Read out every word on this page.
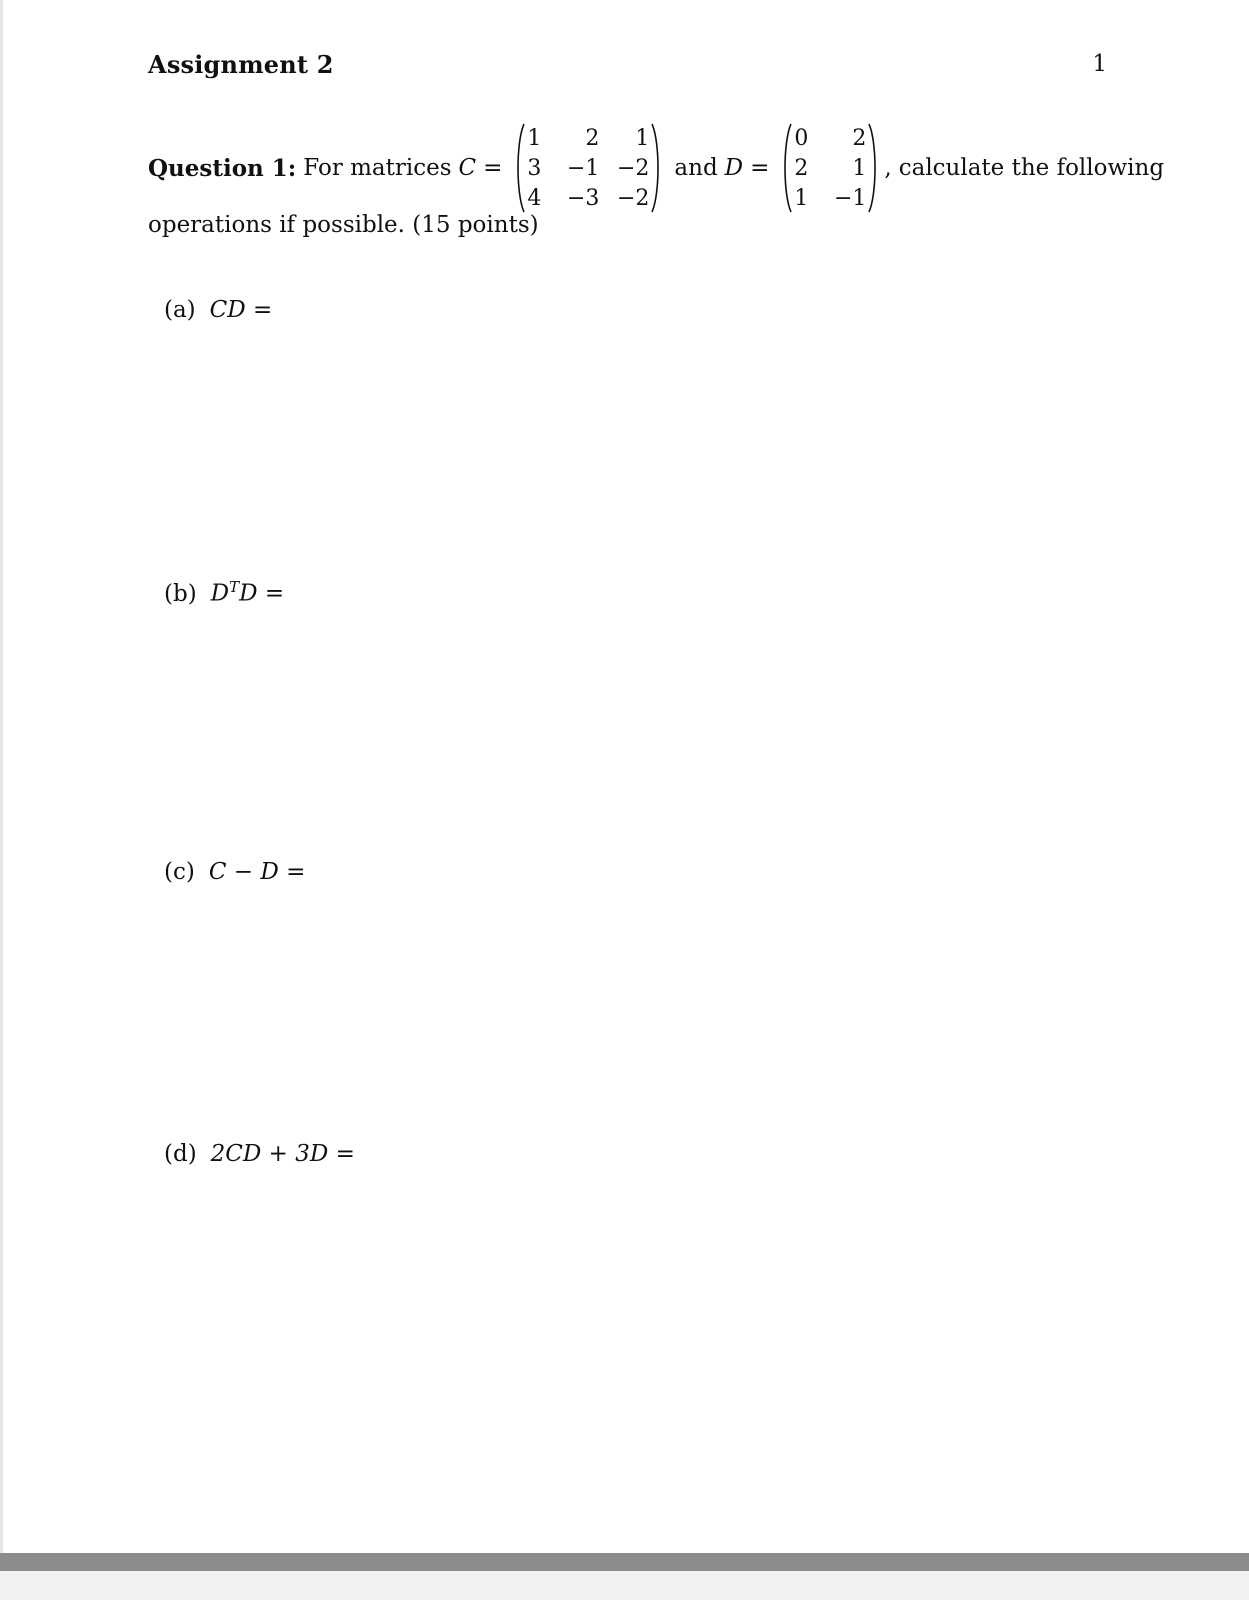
Assignment 2	1
Question 1: For matrices C =
1	2	1
3	−1 −2
4	−3 −2
and D =
0	2
2	1
1	−1
, calculate the following
operations if possible. (15 points)
(a) CD =
(b) $D^TD$ =
(c) C − D =
(d) 2CD + 3D =
